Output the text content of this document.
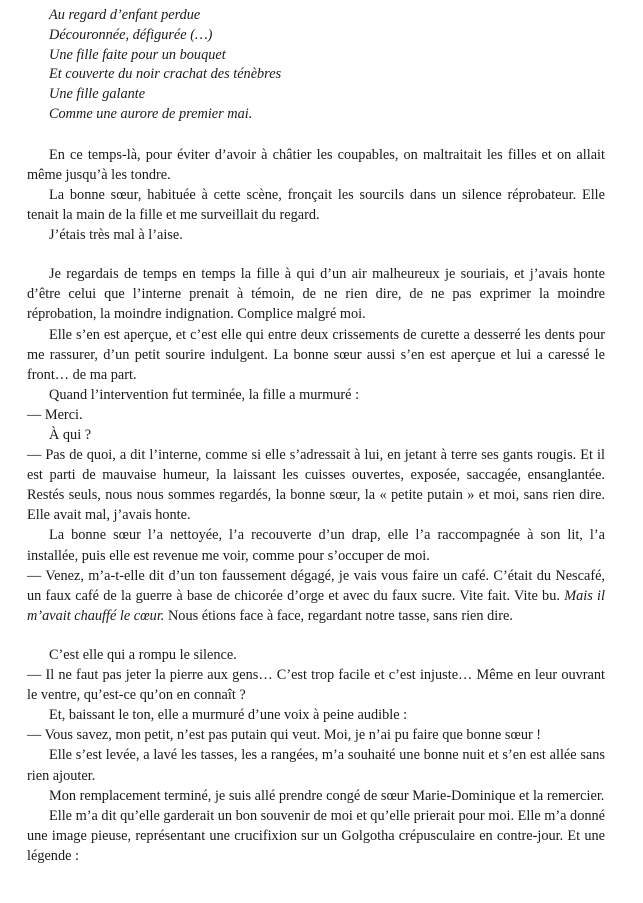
Au regard d’enfant perdue
Découronnée, défigurée (…)
Une fille faite pour un bouquet
Et couverte du noir crachat des ténèbres
Une fille galante
Comme une aurore de premier mai.

En ce temps-là, pour éviter d’avoir à châtier les coupables, on maltraitait les filles et on allait même jusqu’à les tondre.

La bonne sœur, habituée à cette scène, fronçait les sourcils dans un silence réprobateur. Elle tenait la main de la fille et me surveillait du regard.

J’étais très mal à l’aise.

Je regardais de temps en temps la fille à qui d’un air malheureux je souriais, et j’avais honte d’être celui que l’interne prenait à témoin, de ne rien dire, de ne pas exprimer la moindre réprobation, la moindre indignation. Complice malgré moi.

Elle s’en est aperçue, et c’est elle qui entre deux crissements de curette a desserré les dents pour me rassurer, d’un petit sourire indulgent. La bonne sœur aussi s’en est aperçue et lui a caressé le front… de ma part.

Quand l’intervention fut terminée, la fille a murmuré :

— Merci.

À qui ?

— Pas de quoi, a dit l’interne, comme si elle s’adressait à lui, en jetant à terre ses gants rougis. Et il est parti de mauvaise humeur, la laissant les cuisses ouvertes, exposée, saccagée, ensanglantée. Restés seuls, nous nous sommes regardés, la bonne sœur, la « petite putain » et moi, sans rien dire. Elle avait mal, j’avais honte.

La bonne sœur l’a nettoyée, l’a recouverte d’un drap, elle l’a raccompagnée à son lit, l’a installée, puis elle est revenue me voir, comme pour s’occuper de moi.

— Venez, m’a-t-elle dit d’un ton faussement dégagé, je vais vous faire un café. C’était du Nescafé, un faux café de la guerre à base de chicorée d’orge et avec du faux sucre. Vite fait. Vite bu. Mais il m’avait chauffé le cœur. Nous étions face à face, regardant notre tasse, sans rien dire.

C’est elle qui a rompu le silence.

— Il ne faut pas jeter la pierre aux gens… C’est trop facile et c’est injuste… Même en leur ouvrant le ventre, qu’est-ce qu’on en connaît ?

Et, baissant le ton, elle a murmuré d’une voix à peine audible :

— Vous savez, mon petit, n’est pas putain qui veut. Moi, je n’ai pu faire que bonne sœur !

Elle s’est levée, a lavé les tasses, les a rangées, m’a souhaité une bonne nuit et s’en est allée sans rien ajouter.

Mon remplacement terminé, je suis allé prendre congé de sœur Marie-Dominique et la remercier.

Elle m’a dit qu’elle garderait un bon souvenir de moi et qu’elle prierait pour moi. Elle m’a donné une image pieuse, représentant une crucifixion sur un Golgotha crépusculaire en contre-jour. Et une légende :
